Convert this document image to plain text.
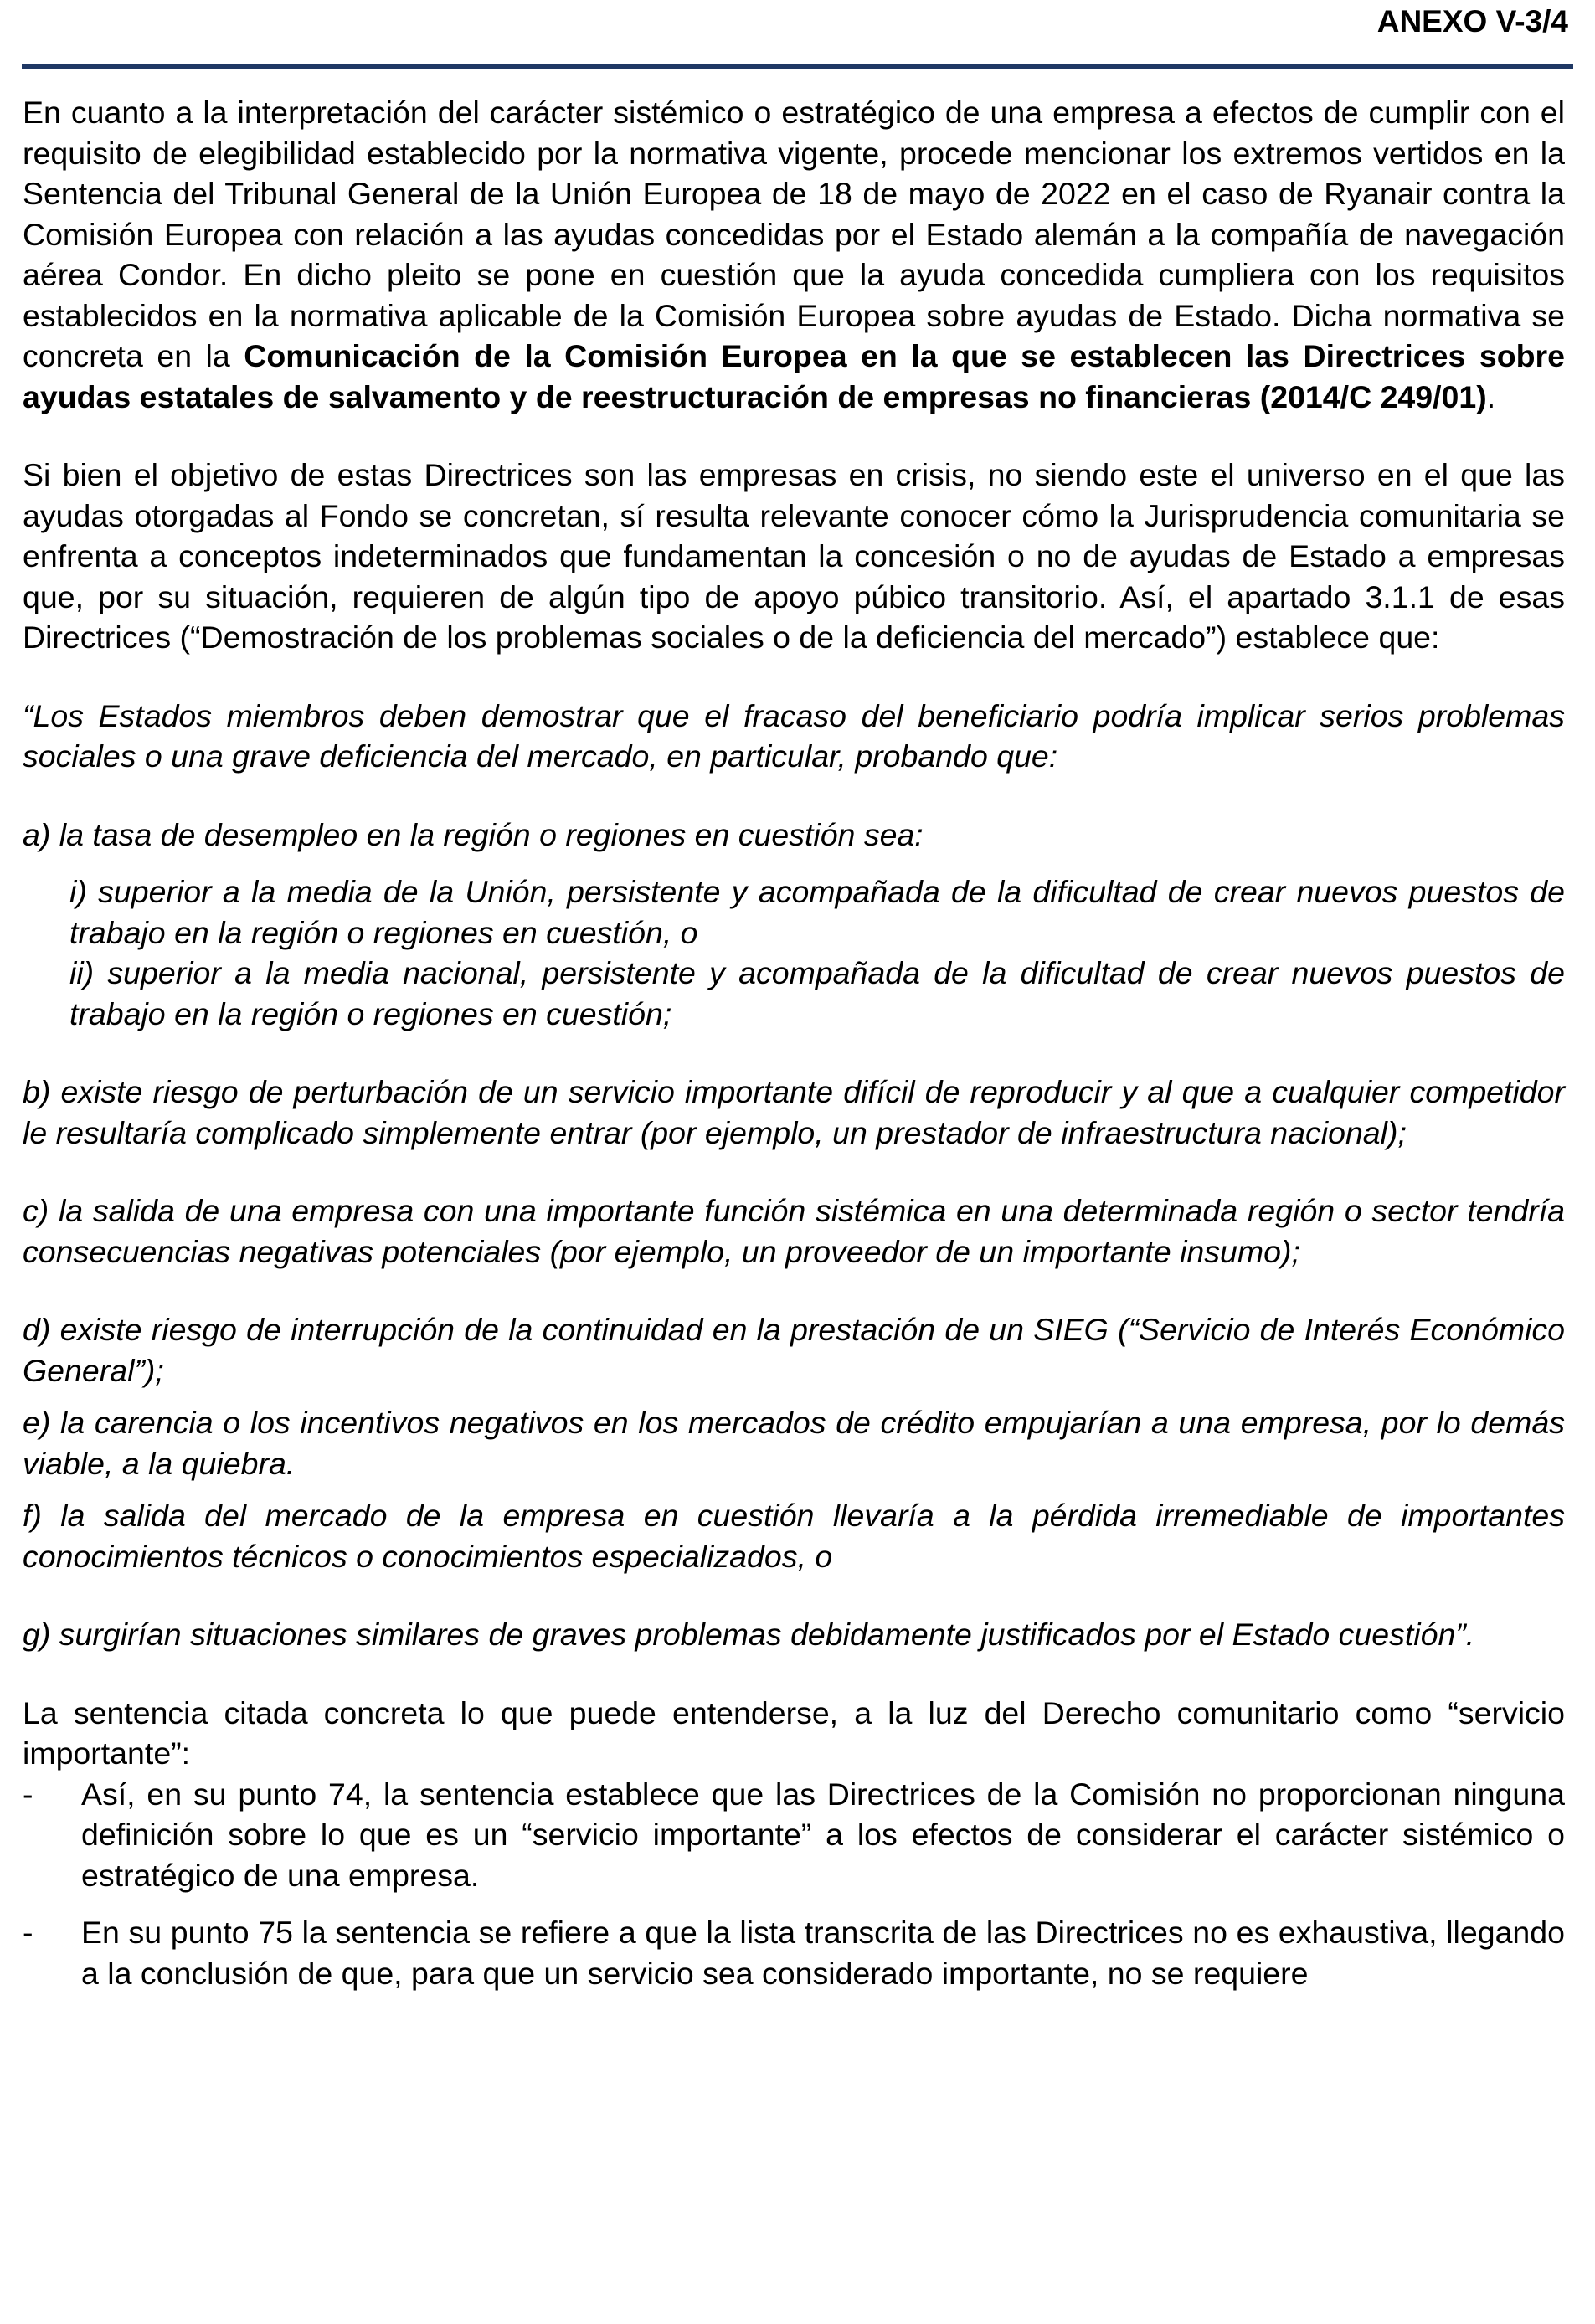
ANEXO V-3/4

En cuanto a la interpretación del carácter sistémico o estratégico de una empresa a efectos de cumplir con el requisito de elegibilidad establecido por la normativa vigente, procede mencionar los extremos vertidos en la Sentencia del Tribunal General de la Unión Europea de 18 de mayo de 2022 en el caso de Ryanair contra la Comisión Europea con relación a las ayudas concedidas por el Estado alemán a la compañía de navegación aérea Condor. En dicho pleito se pone en cuestión que la ayuda concedida cumpliera con los requisitos establecidos en la normativa aplicable de la Comisión Europea sobre ayudas de Estado. Dicha normativa se concreta en la Comunicación de la Comisión Europea en la que se establecen las Directrices sobre ayudas estatales de salvamento y de reestructuración de empresas no financieras (2014/C 249/01).

Si bien el objetivo de estas Directrices son las empresas en crisis, no siendo este el universo en el que las ayudas otorgadas al Fondo se concretan, sí resulta relevante conocer cómo la Jurisprudencia comunitaria se enfrenta a conceptos indeterminados que fundamentan la concesión o no de ayudas de Estado a empresas que, por su situación, requieren de algún tipo de apoyo púbico transitorio. Así, el apartado 3.1.1 de esas Directrices (“Demostración de los problemas sociales o de la deficiencia del mercado”) establece que:

“Los Estados miembros deben demostrar que el fracaso del beneficiario podría implicar serios problemas sociales o una grave deficiencia del mercado, en particular, probando que:

a) la tasa de desempleo en la región o regiones en cuestión sea:

i) superior a la media de la Unión, persistente y acompañada de la dificultad de crear nuevos puestos de trabajo en la región o regiones en cuestión, o

ii) superior a la media nacional, persistente y acompañada de la dificultad de crear nuevos puestos de trabajo en la región o regiones en cuestión;

b) existe riesgo de perturbación de un servicio importante difícil de reproducir y al que a cualquier competidor le resultaría complicado simplemente entrar (por ejemplo, un prestador de infraestructura nacional);

c) la salida de una empresa con una importante función sistémica en una determinada región o sector tendría consecuencias negativas potenciales (por ejemplo, un proveedor de un importante insumo);

d) existe riesgo de interrupción de la continuidad en la prestación de un SIEG (“Servicio de Interés Económico General”);

e) la carencia o los incentivos negativos en los mercados de crédito empujarían a una empresa, por lo demás viable, a la quiebra.

f) la salida del mercado de la empresa en cuestión llevaría a la pérdida irremediable de importantes conocimientos técnicos o conocimientos especializados, o

g) surgirían situaciones similares de graves problemas debidamente justificados por el Estado cuestión”.

La sentencia citada concreta lo que puede entenderse, a la luz del Derecho comunitario como “servicio importante”:

- Así, en su punto 74, la sentencia establece que las Directrices de la Comisión no proporcionan ninguna definición sobre lo que es un “servicio importante” a los efectos de considerar el carácter sistémico o estratégico de una empresa.
- En su punto 75 la sentencia se refiere a que la lista transcrita de las Directrices no es exhaustiva, llegando a la conclusión de que, para que un servicio sea considerado importante, no se requiere
